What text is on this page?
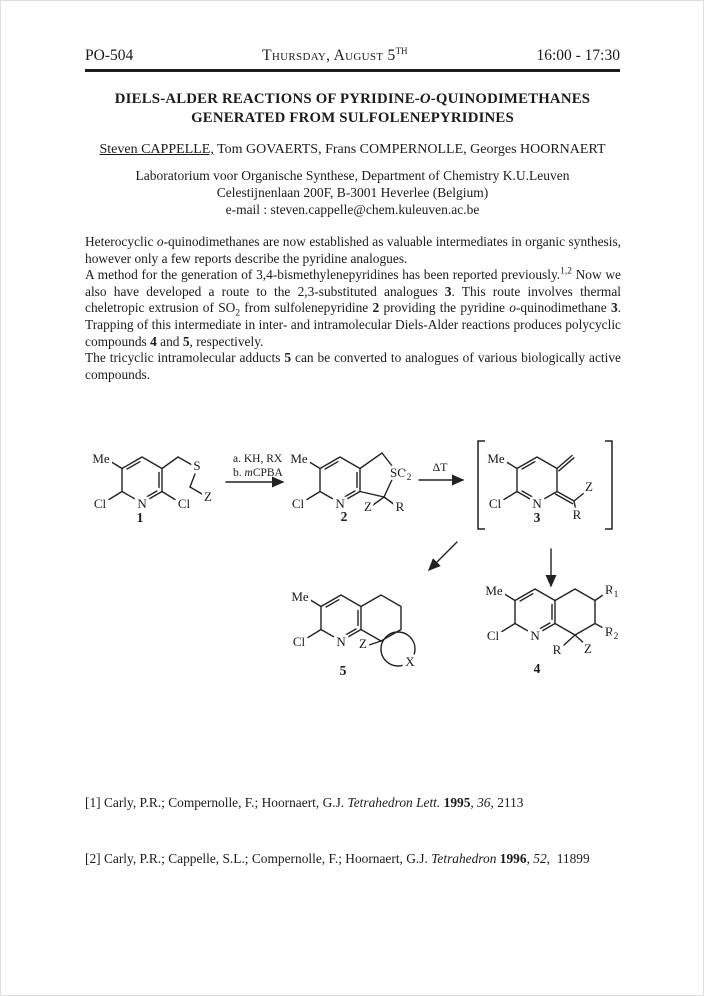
PO-504	Thursday, August 5TH	16:00 - 17:30
DIELS-ALDER REACTIONS OF PYRIDINE-O-QUINODIMETHANES
GENERATED FROM SULFOLENEPYRIDINES
Steven CAPPELLE, Tom GOVAERTS, Frans COMPERNOLLE, Georges HOORNAERT
Laboratorium voor Organische Synthese, Department of Chemistry K.U.Leuven
Celestijnenlaan 200F, B-3001 Heverlee (Belgium)
e-mail : steven.cappelle@chem.kuleuven.ac.be

Heterocyclic o-quinodimethanes are now established as valuable intermediates in organic synthesis, however only a few reports describe the pyridine analogues.

A method for the generation of 3,4-bismethylenepyridines has been reported previously.$^{1,2}$ Now we also have developed a route to the 2,3-substituted analogues 3. This route involves thermal cheletropic extrusion of $SO_2$ from sulfolenepyridine 2 providing the pyridine o-quinodimethane 3. Trapping of this intermediate in inter- and intramolecular Diels-Alder reactions produces polycyclic compounds 4 and 5, respectively.

The tricyclic intramolecular adducts 5 can be converted to analogues of various biologically active compounds.

Me
Cl	Cl
S
Z
N
1
a. KH, RX
b. mCPBA
Me
Cl
$SO_2$
Z R
N
2
ΔT
Me
Cl
Z
R
N
3
Me
Cl	Z
X
N
5
Me
Cl
$R_1$
$R_2$
R Z
N
4

[1] Carly, P.R.; Compernolle, F.; Hoornaert, G.J. Tetrahedron Lett. 1995, 36, 2113

[2] Carly, P.R.; Cappelle, S.L.; Compernolle, F.; Hoornaert, G.J. Tetrahedron 1996, 52,  11899
